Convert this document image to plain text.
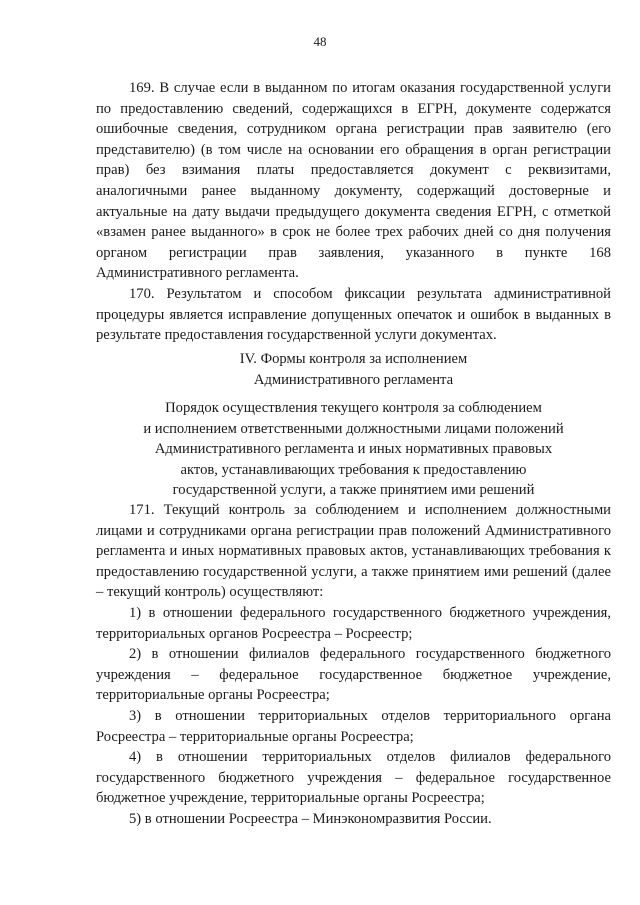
48

169. В случае если в выданном по итогам оказания государственной услуги по предоставлению сведений, содержащихся в ЕГРН, документе содержатся ошибочные сведения, сотрудником органа регистрации прав заявителю (его представителю) (в том числе на основании его обращения в орган регистрации прав) без взимания платы предоставляется документ с реквизитами, аналогичными ранее выданному документу, содержащий достоверные и актуальные на дату выдачи предыдущего документа сведения ЕГРН, с отметкой «взамен ранее выданного» в срок не более трех рабочих дней со дня получения органом регистрации прав заявления, указанного в пункте 168 Административного регламента.

170. Результатом и способом фиксации результата административной процедуры является исправление допущенных опечаток и ошибок в выданных в результате предоставления государственной услуги документах.

IV. Формы контроля за исполнением
Административного регламента
Порядок осуществления текущего контроля за соблюдением
и исполнением ответственными должностными лицами положений
Административного регламента и иных нормативных правовых
актов, устанавливающих требования к предоставлению
государственной услуги, а также принятием ими решений

171. Текущий контроль за соблюдением и исполнением должностными лицами и сотрудниками органа регистрации прав положений Административного регламента и иных нормативных правовых актов, устанавливающих требования к предоставлению государственной услуги, а также принятием ими решений (далее – текущий контроль) осуществляют:

1) в отношении федерального государственного бюджетного учреждения, территориальных органов Росреестра – Росреестр;

2) в отношении филиалов федерального государственного бюджетного учреждения – федеральное государственное бюджетное учреждение, территориальные органы Росреестра;

3) в отношении территориальных отделов территориального органа Росреестра – территориальные органы Росреестра;

4) в отношении территориальных отделов филиалов федерального государственного бюджетного учреждения – федеральное государственное бюджетное учреждение, территориальные органы Росреестра;

5) в отношении Росреестра – Минэкономразвития России.
